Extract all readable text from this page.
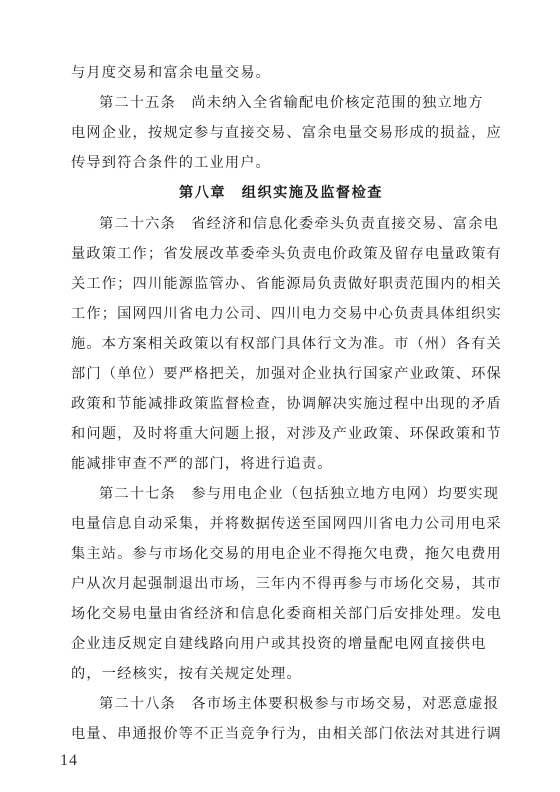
与月度交易和富余电量交易。

第二十五条　尚未纳入全省输配电价核定范围的独立地方
电网企业，按规定参与直接交易、富余电量交易形成的损益，应
传导到符合条件的工业用户。

第八章　组织实施及监督检查

第二十六条　省经济和信息化委牵头负责直接交易、富余电
量政策工作；省发展改革委牵头负责电价政策及留存电量政策有
关工作；四川能源监管办、省能源局负责做好职责范围内的相关
工作；国网四川省电力公司、四川电力交易中心负责具体组织实
施。本方案相关政策以有权部门具体行文为准。市（州）各有关
部门（单位）要严格把关，加强对企业执行国家产业政策、环保
政策和节能减排政策监督检查，协调解决实施过程中出现的矛盾
和问题，及时将重大问题上报，对涉及产业政策、环保政策和节
能减排审查不严的部门，将进行追责。

第二十七条　参与用电企业（包括独立地方电网）均要实现
电量信息自动采集，并将数据传送至国网四川省电力公司用电采
集主站。参与市场化交易的用电企业不得拖欠电费，拖欠电费用
户从次月起强制退出市场，三年内不得再参与市场化交易，其市
场化交易电量由省经济和信息化委商相关部门后安排处理。发电
企业违反规定自建线路向用户或其投资的增量配电网直接供电
的，一经核实，按有关规定处理。

第二十八条　各市场主体要积极参与市场交易，对恶意虚报
电量、串通报价等不正当竞争行为，由相关部门依法对其进行调

14
